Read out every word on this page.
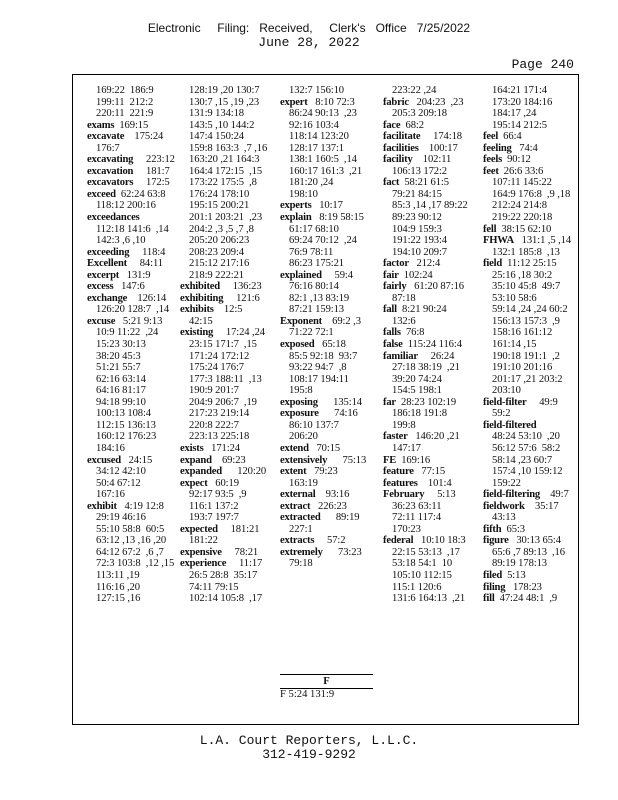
Electronic     Filing:   Received,     Clerk's   Office   7/25/2022
June 28, 2022
Page 240
169:22  186:9
199:11  212:2
220:11  221:9
exams  169:15
excavate    175:24
176:7
excavating     223:12
excavation     181:7
excavators     172:5
exceed  62:24 63:8
118:12 200:16
exceedances
112:18 141:6  ,14
142:3 ,6 ,10
exceeding     118:4
Excellent     84:11
excerpt   131:9
excess   147:6
exchange    126:14
126:20 128:7  ,14
excuse   5:21 9:13
10:9 11:22  ,24
15:23 30:13
38:20 45:3
51:21 55:7
62:16 63:14
64:16 81:17
94:18 99:10
100:13 108:4
112:15 136:13
160:12 176:23
184:16
excused   24:15
34:12 42:10
50:4 67:12
167:16
exhibit   4:19 12:8
29:19 46:16
55:10 58:8  60:5
63:12 ,13 ,16 ,20
64:12 67:2  ,6 ,7
72:3 103:8  ,12 ,15
113:11 ,19
116:16 ,20
127:15 ,16
128:19 ,20 130:7
130:7 ,15 ,19 ,23
131:9 134:18
143:5 ,10 144:2
147:4 150:24
159:8 163:3  ,7 ,16
163:20 ,21 164:3
164:4 172:15  ,15
173:22 175:5  ,8
176:24 178:10
195:15 200:21
201:1 203:21  ,23
204:2 ,3 ,5 ,7 ,8
205:20 206:23
208:23 209:4
215:12 217:16
218:9 222:21
exhibited     136:23
exhibiting     121:6
exhibits    12:5
42:15
existing     17:24 ,24
23:15 171:7  ,15
171:24 172:12
175:24 176:7
177:3 188:11  ,13
190:9 201:7
204:9 206:7  ,19
217:23 219:14
220:8 222:7
223:13 225:18
exists   171:24
expand    69:23
expanded      120:20
expect   60:19
92:17 93:5  ,9
116:1 137:2
193:7 197:7
expected     181:21
181:22
expensive     78:21
experience     11:17
26:5 28:8  35:17
74:11 79:15
102:14 105:8  ,17
132:7 156:10
expert   8:10 72:3
86:24 90:13  ,23
92:16 103:4
118:14 123:20
128:17 137:1
138:1 160:5  ,14
160:17 161:3  ,21
181:20 ,24
198:10
experts   10:17
explain   8:19 58:15
61:17 68:10
69:24 70:12  ,24
76:9 78:11
86:23 175:21
explained     59:4
76:16 80:14
82:1 ,13 83:19
87:21 159:13
Exponent    69:2 ,3
71:22 72:1
exposed   65:18
85:5 92:18  93:7
93:22 94:7  ,8
108:17 194:11
195:8
exposing      135:14
exposure      74:16
86:10 137:7
206:20
extend   70:15
extensively      75:13
extent   79:23
163:19
external    93:16
extract   226:23
extracted      89:19
227:1
extracts     57:2
extremely      73:23
79:18
223:22 ,24
fabric   204:23  ,23
205:3 209:18
face  68:2
facilitate     174:18
facilities    100:17
facility    102:11
106:13 172:2
fact  58:21 61:5
79:21 84:15
85:3 ,14 ,17 89:22
89:23 90:12
104:9 159:3
191:22 193:4
194:10 209:7
factor   212:4
fair  102:24
fairly   61:20 87:16
87:18
fall  8:21 90:24
132:6
falls  76:8
false  115:24 116:4
familiar     26:24
27:18 38:19  ,21
39:20 74:24
154:5 198:1
far  28:23 102:19
186:18 191:8
199:8
faster   146:20 ,21
147:17
FE  169:16
feature   77:15
features    101:4
February     5:13
36:23 63:11
72:11 117:4
170:23
federal   10:10 18:3
22:15 53:13  ,17
53:18 54:1  10
105:10 112:15
115:1 120:6
131:6 164:13  ,21
164:21 171:4
173:20 184:16
184:17 ,24
195:14 212:5
feel  66:4
feeling   74:4
feels  90:12
feet  26:6 33:6
107:11 145:22
164:9 176:8  ,9 ,18
212:24 214:8
219:22 220:18
fell  38:15 62:10
FHWA   131:1 ,5 ,14
132:1 185:8  ,13
field  11:12 25:15
25:16 ,18 30:2
35:10 45:8  49:7
53:10 58:6
59:14 ,24 ,24 60:2
156:13 157:3  ,9
158:16 161:12
161:14 ,15
190:18 191:1  ,2
191:10 201:16
201:17 ,21 203:2
203:10
field-filter     49:9
59:2
field-filtered
48:24 53:10  ,20
56:12 57:6  58:2
58:14 ,23 60:7
157:4 ,10 159:12
159:22
field-filtering    49:7
fieldwork    35:17
43:13
fifth  65:3
figure   30:13 65:4
65:6 ,7 89:13  ,16
89:19 178:13
filed  5:13
filing   178:23
fill  47:24 48:1  ,9
F
F 5:24 131:9
L.A. Court Reporters, L.L.C.
312-419-9292
